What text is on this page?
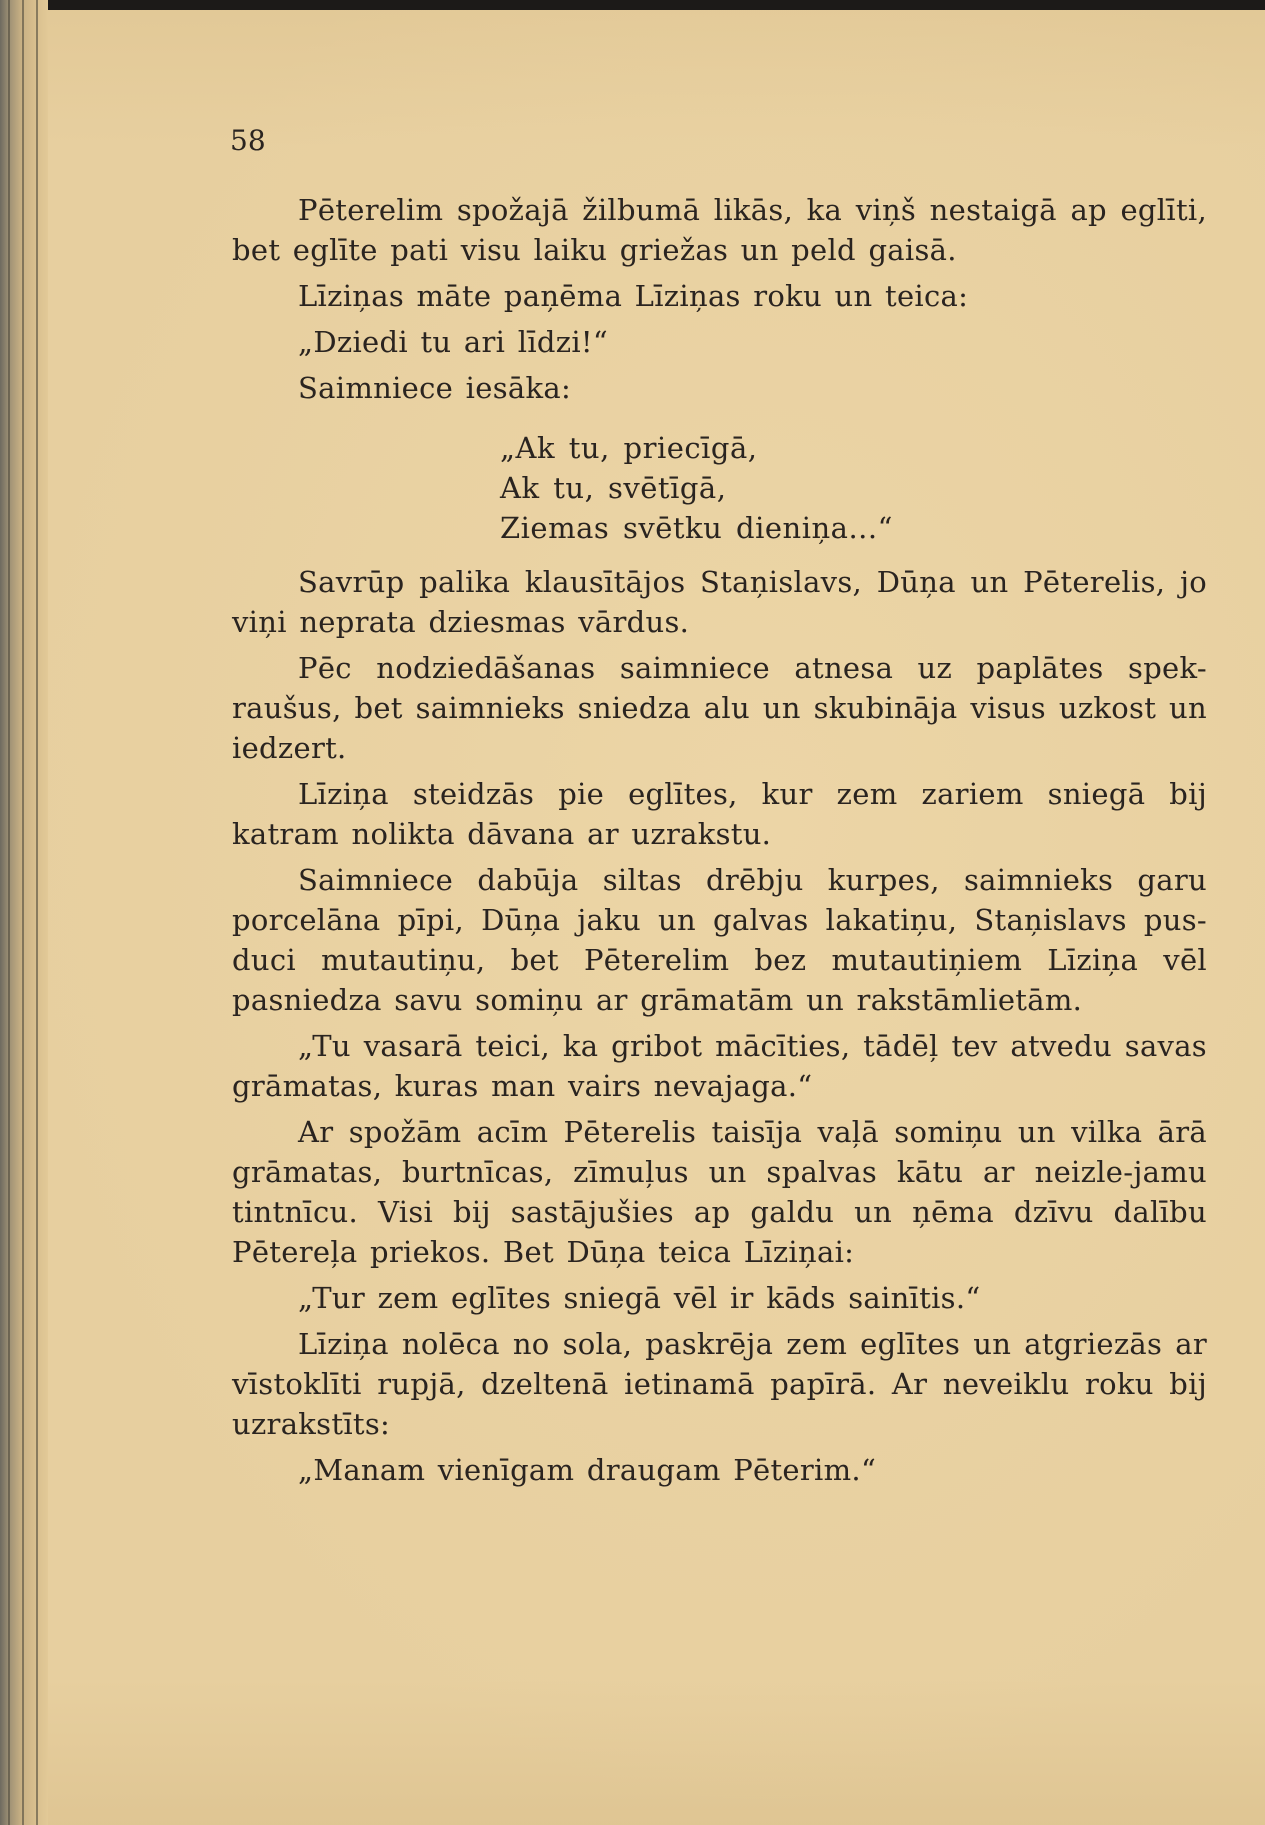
58

Pēterelim spožajā žilbumā likās, ka viņš nestaigā ap eglīti, bet eglīte pati visu laiku griežas un peld gaisā.

Līziņas māte paņēma Līziņas roku un teica:

„Dziedi tu ari līdzi!“

Saimniece iesāka:

„Ak tu, priecīgā,
Ak tu, svētīgā,
Ziemas svētku dieniņa...“

Savrūp palika klausītājos Staņislavs, Dūņa un Pēterelis, jo viņi neprata dziesmas vārdus.

Pēc nodziedāšanas saimniece atnesa uz paplātes spek-raušus, bet saimnieks sniedza alu un skubināja visus uzkost un iedzert.

Līziņa steidzās pie eglītes, kur zem zariem sniegā bij katram nolikta dāvana ar uzrakstu.

Saimniece dabūja siltas drēbju kurpes, saimnieks garu porcelāna pīpi, Dūņa jaku un galvas lakatiņu, Staņislavs pus-duci mutautiņu, bet Pēterelim bez mutautiņiem Līziņa vēl pasniedza savu somiņu ar grāmatām un rakstāmlietām.

„Tu vasarā teici, ka gribot mācīties, tādēļ tev atvedu savas grāmatas, kuras man vairs nevajaga.“

Ar spožām acīm Pēterelis taisīja vaļā somiņu un vilka ārā grāmatas, burtnīcas, zīmuļus un spalvas kātu ar neizle-jamu tintnīcu. Visi bij sastājušies ap galdu un ņēma dzīvu dalību Pētereļa priekos. Bet Dūņa teica Līziņai:

„Tur zem eglītes sniegā vēl ir kāds sainītis.“

Līziņa nolēca no sola, paskrēja zem eglītes un atgriezās ar vīstoklīti rupjā, dzeltenā ietinamā papīrā. Ar neveiklu roku bij uzrakstīts:

„Manam vienīgam draugam Pēterim.“
